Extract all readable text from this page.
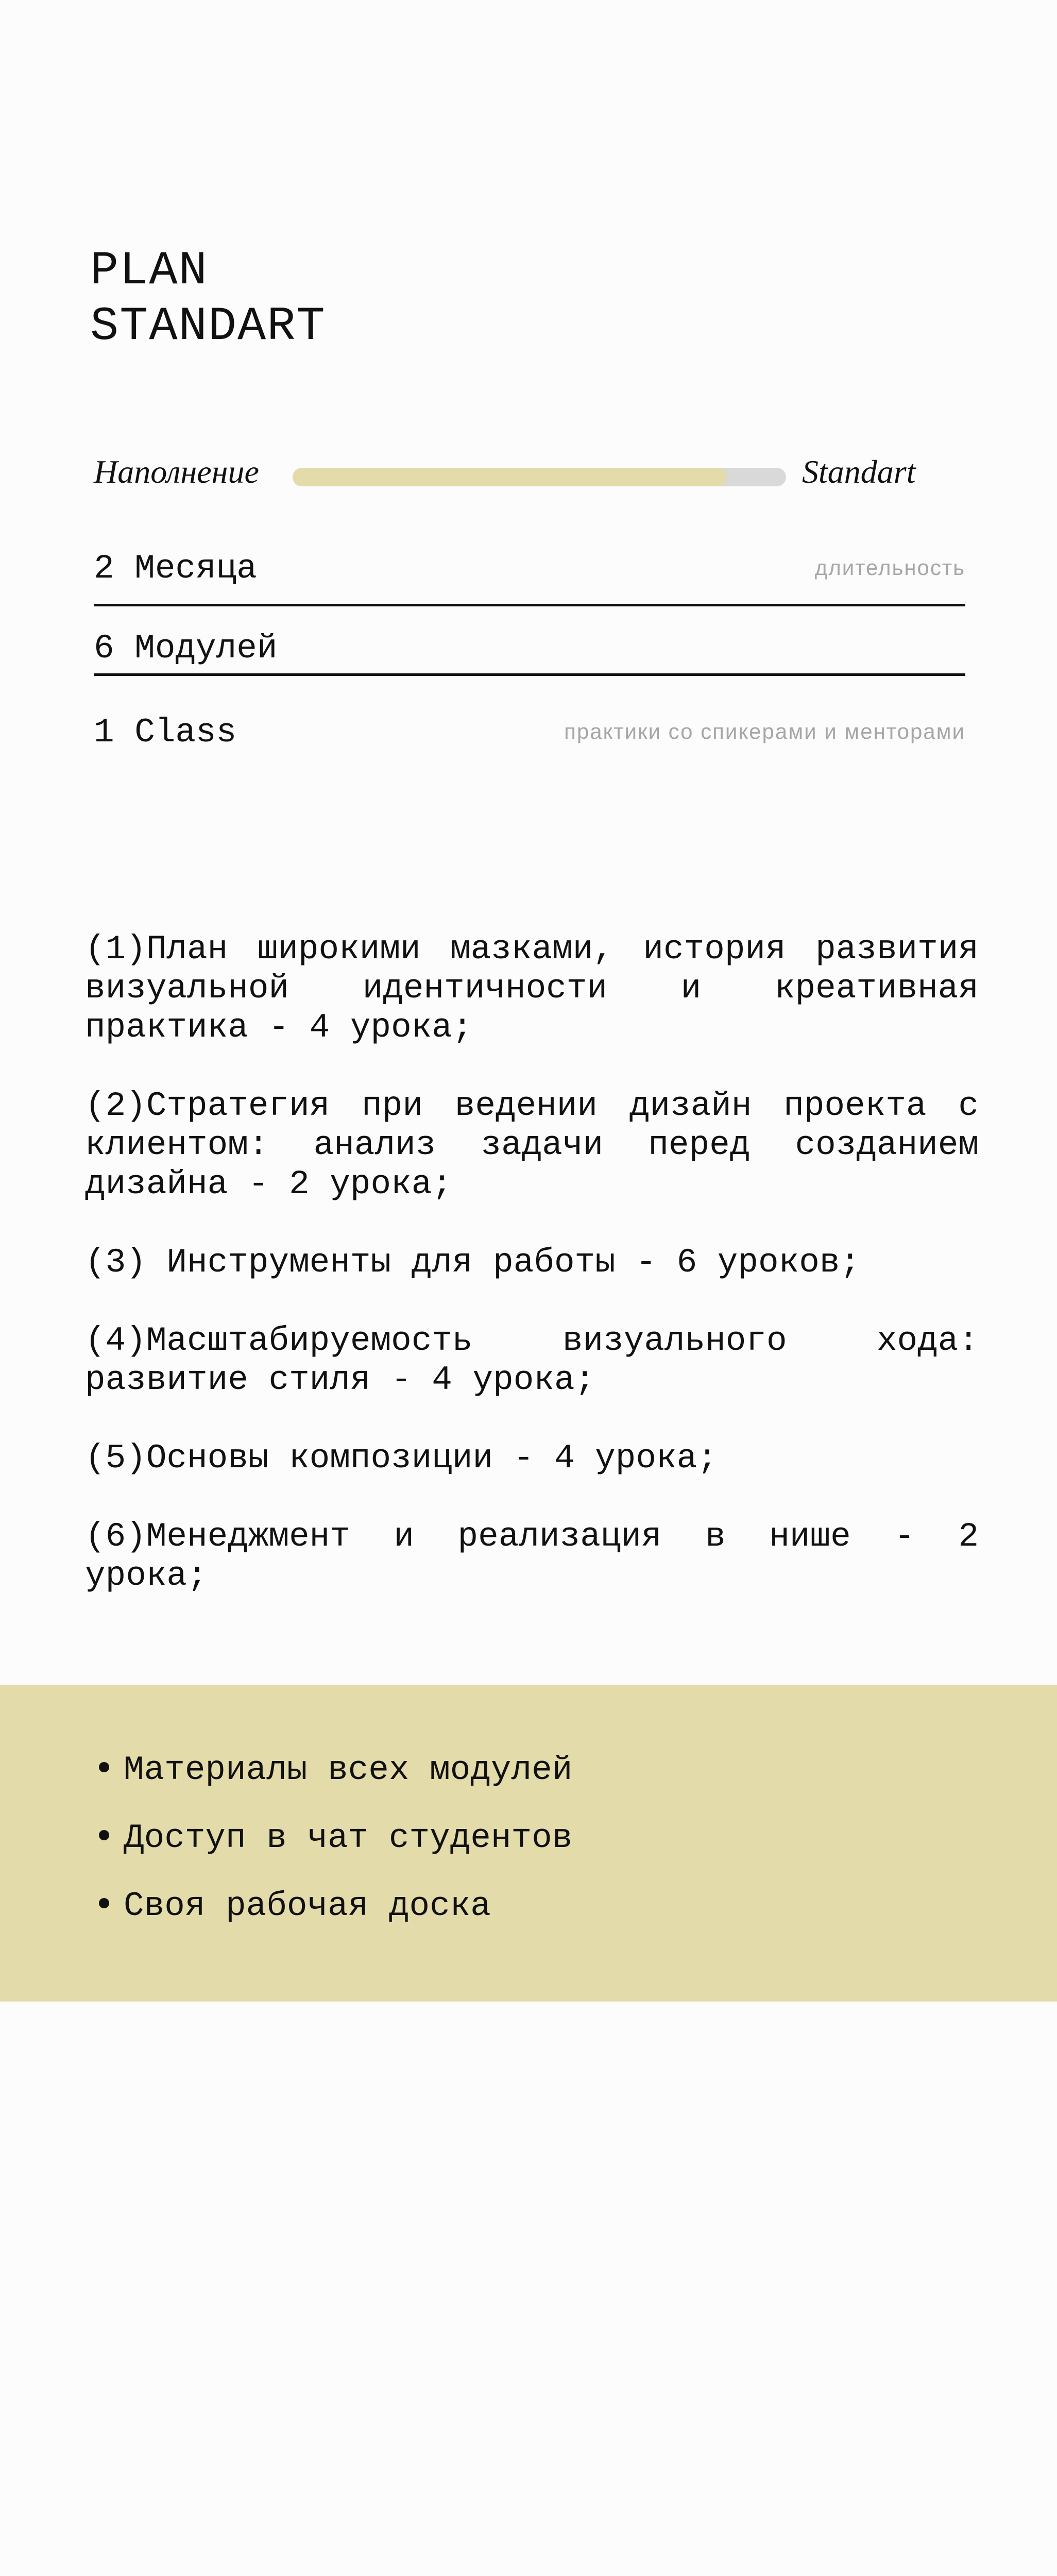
PLAN
STANDART
Наполнение	Standart
2 Месяца	длительность
6 Модулей
1 Class	практики со спикерами и менторами
(1)План широкими мазками, история развития визуальной идентичности и креативная практика - 4 урока;
(2)Стратегия при ведении дизайн проекта с клиентом: анализ задачи перед созданием дизайна - 2 урока;
(3) Инструменты для работы - 6 уроков;
(4)Масштабируемость визуального хода: развитие стиля - 4 урока;
(5)Основы композиции - 4 урока;
(6)Менеджмент и реализация в нише - 2 урока;
Материалы всех модулей
Доступ в чат студентов
Своя рабочая доска
